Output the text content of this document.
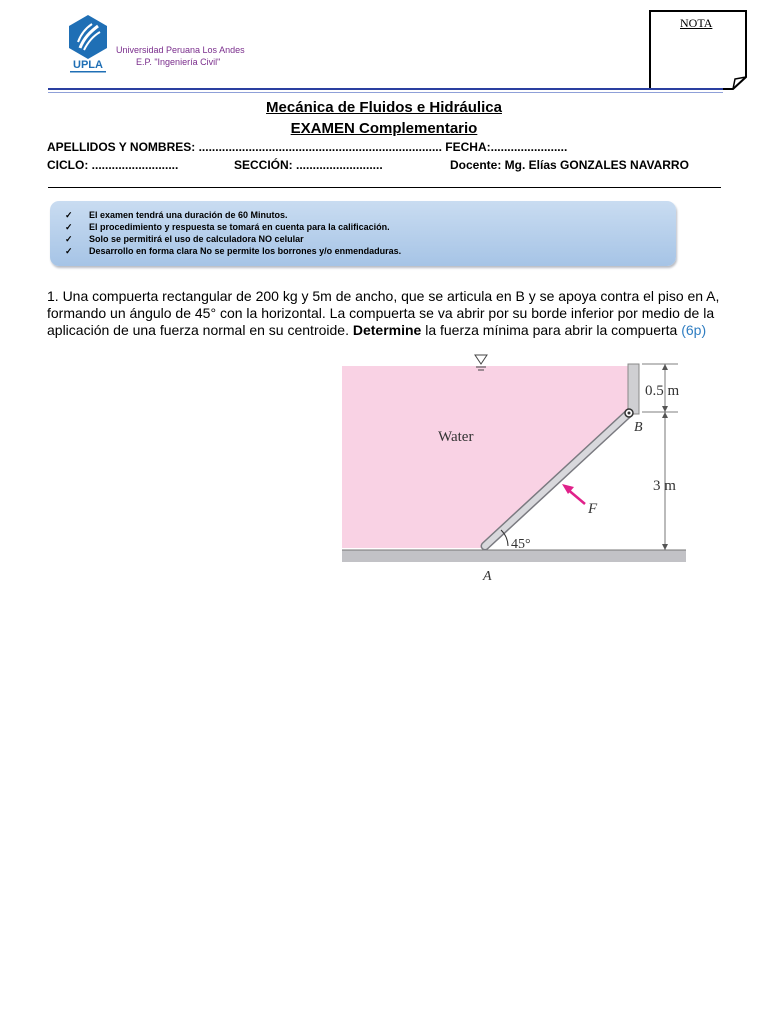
UPLA
Universidad Peruana Los Andes
E.P. "Ingeniería Civil"
NOTA
Mecánica de Fluidos e Hidráulica
EXAMEN Complementario
APELLIDOS Y NOMBRES: ......................................................................... FECHA:.......................
CICLO: ..........................	SECCIÓN: ..........................	Docente: Mg. Elías GONZALES NAVARRO
✓ El examen tendrá una duración de 60 Minutos.
✓ El procedimiento y respuesta se tomará en cuenta para la calificación.
✓ Solo se permitirá el uso de calculadora NO celular
✓ Desarrollo en forma clara No se permite los borrones y/o enmendaduras.
1. Una compuerta rectangular de 200 kg y 5m de ancho, que se articula en B y se apoya contra el piso en A, formando un ángulo de 45° con la horizontal. La compuerta se va abrir por su borde inferior por medio de la aplicación de una fuerza normal en su centroide. Determine la fuerza mínima para abrir la compuerta (6p)
Water
0.5 m
3 m
B
A
F
45°
